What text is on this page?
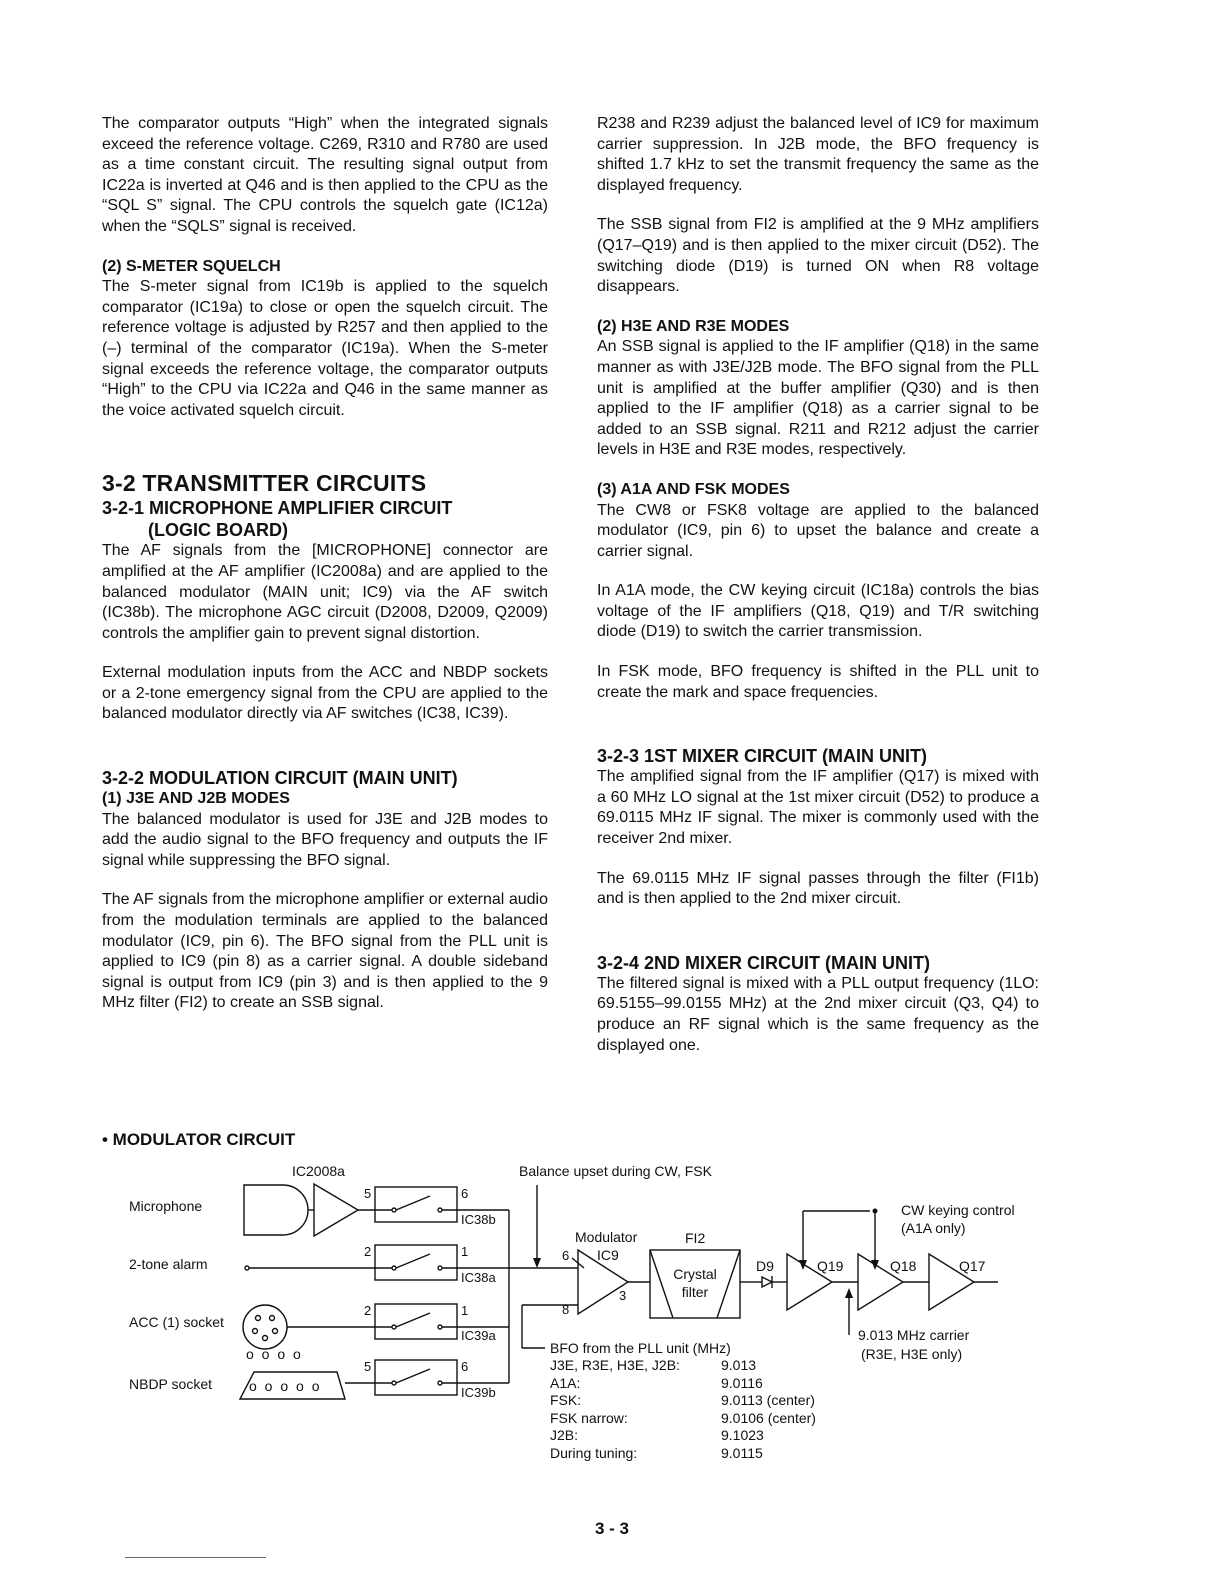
The comparator outputs “High” when the integrated signals exceed the reference voltage. C269, R310 and R780 are used as a time constant circuit. The resulting signal output from IC22a is inverted at Q46 and is then applied to the CPU as the “SQL S” signal. The CPU controls the squelch gate (IC12a) when the “SQLS” signal is received.

(2) S-METER SQUELCH

The S-meter signal from IC19b is applied to the squelch comparator (IC19a) to close or open the squelch circuit. The reference voltage is adjusted by R257 and then applied to the (–) terminal of the comparator (IC19a). When the S-meter signal exceeds the reference voltage, the comparator outputs “High” to the CPU via IC22a and Q46 in the same manner as the voice activated squelch circuit.

3-2 TRANSMITTER CIRCUITS
3-2-1 MICROPHONE AMPLIFIER CIRCUIT
(LOGIC BOARD)

The AF signals from the [MICROPHONE] connector are amplified at the AF amplifier (IC2008a) and are applied to the balanced modulator (MAIN unit; IC9) via the AF switch (IC38b). The microphone AGC circuit (D2008, D2009, Q2009) controls the amplifier gain to prevent signal distortion.

External modulation inputs from the ACC and NBDP sockets or a 2-tone emergency signal from the CPU are applied to the balanced modulator directly via AF switches (IC38, IC39).

3-2-2 MODULATION CIRCUIT (MAIN UNIT)
(1) J3E AND J2B MODES

The balanced modulator is used for J3E and J2B modes to add the audio signal to the BFO frequency and outputs the IF signal while suppressing the BFO signal.

The AF signals from the microphone amplifier or external audio from the modulation terminals are applied to the balanced modulator (IC9, pin 6). The BFO signal from the PLL unit is applied to IC9 (pin 8) as a carrier signal. A double sideband signal is output from IC9 (pin 3) and is then applied to the 9 MHz filter (FI2) to create an SSB signal.

R238 and R239 adjust the balanced level of IC9 for maximum carrier suppression. In J2B mode, the BFO frequency is shifted 1.7 kHz to set the transmit frequency the same as the displayed frequency.

The SSB signal from FI2 is amplified at the 9 MHz amplifiers (Q17–Q19) and is then applied to the mixer circuit (D52). The switching diode (D19) is turned ON when R8 voltage disappears.

(2) H3E AND R3E MODES

An SSB signal is applied to the IF amplifier (Q18) in the same manner as with J3E/J2B mode. The BFO signal from the PLL unit is amplified at the buffer amplifier (Q30) and is then applied to the IF amplifier (Q18) as a carrier signal to be added to an SSB signal. R211 and R212 adjust the carrier levels in H3E and R3E modes, respectively.

(3) A1A AND FSK MODES

The CW8 or FSK8 voltage are applied to the balanced modulator (IC9, pin 6) to upset the balance and create a carrier signal.

In A1A mode, the CW keying circuit (IC18a) controls the bias voltage of the IF amplifiers (Q18, Q19) and T/R switching diode (D19) to switch the carrier transmission.

In FSK mode, BFO frequency is shifted in the PLL unit to create the mark and space frequencies.

3-2-3 1ST MIXER CIRCUIT (MAIN UNIT)

The amplified signal from the IF amplifier (Q17) is mixed with a 60 MHz LO signal at the 1st mixer circuit (D52) to produce a 69.0115 MHz IF signal. The mixer is commonly used with the receiver 2nd mixer.

The 69.0115 MHz IF signal passes through the filter (FI1b) and is then applied to the 2nd mixer circuit.

3-2-4 2ND MIXER CIRCUIT (MAIN UNIT)

The filtered signal is mixed with a PLL output frequency (1LO: 69.5155–99.0155 MHz) at the 2nd mixer circuit (Q3, Q4) to produce an RF signal which is the same frequency as the displayed one.

• MODULATOR CIRCUIT
o o o o
o o o o o
IC2008a	Balance upset during CW, FSK
Microphone
2-tone alarm
ACC (1) socket
NBDP socket
5	6
IC38b
2	1
IC38a
2	1
IC39a
5	6
IC39b
Modulator
IC9
6
8
3
FI2
Crystal
filter
D9	Q19	Q18	Q17
CW keying control
(A1A only)
9.013 MHz carrier
(R3E, H3E only)
BFO from the PLL unit (MHz)
J3E, R3E, H3E, J2B:	9.013
A1A:	9.0116
FSK:	9.0113 (center)
FSK narrow:	9.0106 (center)
J2B:	9.1023
During tuning:	9.0115
3 - 3
